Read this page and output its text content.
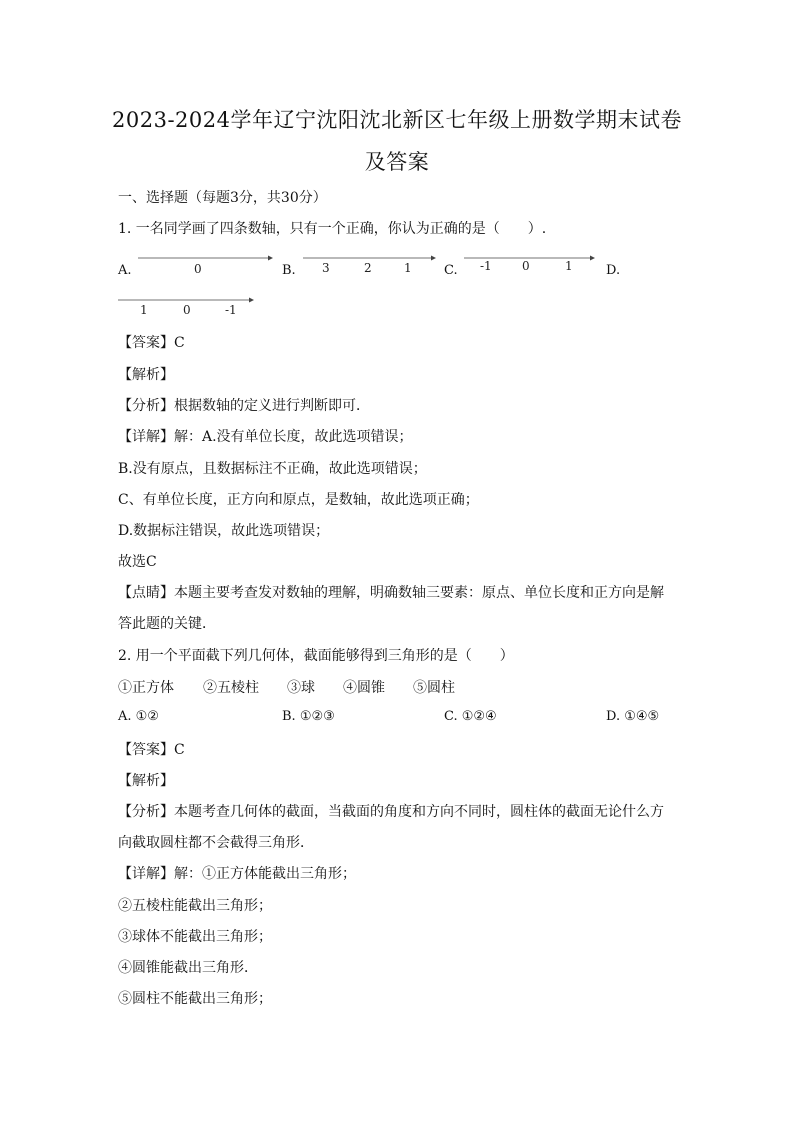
2023-2024学年辽宁沈阳沈北新区七年级上册数学期末试卷
及答案
一、选择题（每题3分，共30分）
1. 一名同学画了四条数轴，只有一个正确，你认为正确的是（　　）.
A.	0	B. 3	2	1 C. -1	0	1	D.
1	0	-1
【答案】C
【解析】
【分析】根据数轴的定义进行判断即可．
【详解】解：A.没有单位长度，故此选项错误；
B.没有原点，且数据标注不正确，故此选项错误；
C、有单位长度，正方向和原点，是数轴，故此选项正确；
D.数据标注错误，故此选项错误；
故选C
【点睛】本题主要考查发对数轴的理解，明确数轴三要素：原点、单位长度和正方向是解
答此题的关键．
2. 用一个平面截下列几何体，截面能够得到三角形的是（　　）
①正方体 ②五棱柱 ③球 ④圆锥 ⑤圆柱
A. ①②	B. ①②③	C. ①②④	D. ①④⑤
【答案】C
【解析】
【分析】本题考查几何体的截面，当截面的角度和方向不同时，圆柱体的截面无论什么方
向截取圆柱都不会截得三角形．
【详解】解：①正方体能截出三角形；
②五棱柱能截出三角形；
③球体不能截出三角形；
④圆锥能截出三角形．
⑤圆柱不能截出三角形；
